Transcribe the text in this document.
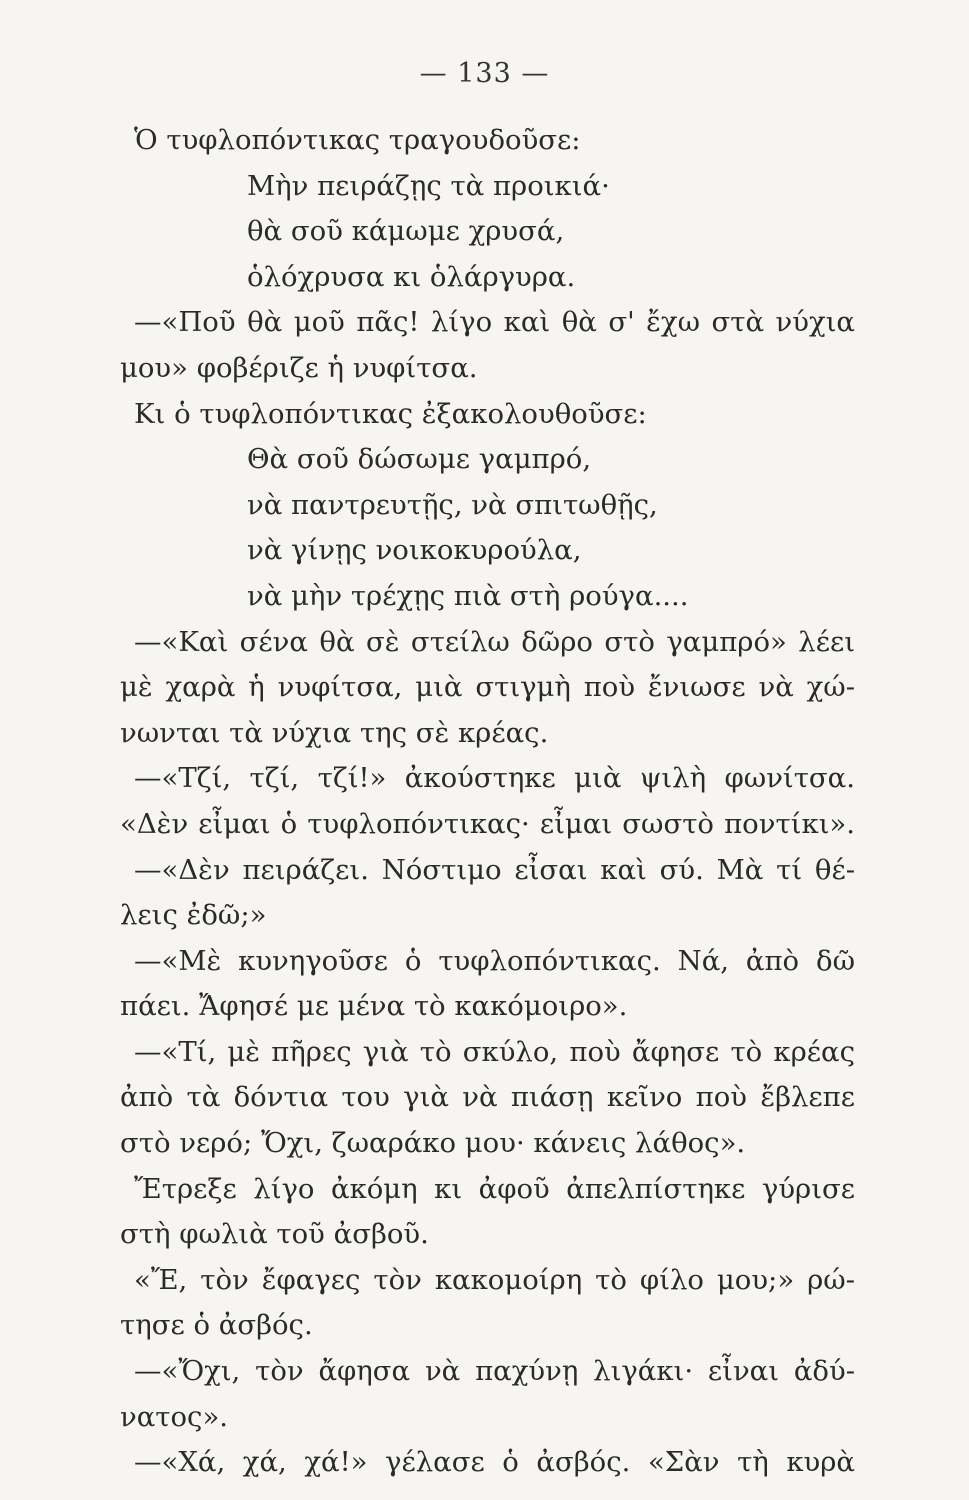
— 133 —
Ὁ τυφλοπόντικας τραγουδοῦσε:
Μὴν πειράζῃς τὰ προικιά·
θὰ σοῦ κάμωμε χρυσά,
ὁλόχρυσα κι ὁλάργυρα.
—«Ποῦ θὰ μοῦ πᾶς! λίγο καὶ θὰ σ' ἔχω στὰ νύχια
μου» φοβέριζε ἡ νυφίτσα.
Κι ὁ τυφλοπόντικας ἐξακολουθοῦσε:
Θὰ σοῦ δώσωμε γαμπρό,
νὰ παντρευτῇς, νὰ σπιτωθῇς,
νὰ γίνῃς νοικοκυρούλα,
νὰ μὴν τρέχῃς πιὰ στὴ ρούγα....
—«Καὶ σένα θὰ σὲ στείλω δῶρο στὸ γαμπρό» λέει
μὲ χαρὰ ἡ νυφίτσα, μιὰ στιγμὴ ποὺ ἔνιωσε νὰ χώ-
νωνται τὰ νύχια της σὲ κρέας.
—«Τζί, τζί, τζί!» ἀκούστηκε μιὰ ψιλὴ φωνίτσα.
«Δὲν εἶμαι ὁ τυφλοπόντικας· εἶμαι σωστὸ ποντίκι».
—«Δὲν πειράζει. Νόστιμο εἶσαι καὶ σύ. Μὰ τί θέ-
λεις ἐδῶ;»
—«Μὲ κυνηγοῦσε ὁ τυφλοπόντικας. Νά, ἀπὸ δῶ
πάει. Ἄφησέ με μένα τὸ κακόμοιρο».
—«Τί, μὲ πῆρες γιὰ τὸ σκύλο, ποὺ ἄφησε τὸ κρέας
ἀπὸ τὰ δόντια του γιὰ νὰ πιάσῃ κεῖνο ποὺ ἔβλεπε
στὸ νερό; Ὄχι, ζωαράκο μου· κάνεις λάθος».
Ἔτρεξε λίγο ἀκόμη κι ἀφοῦ ἀπελπίστηκε γύρισε
στὴ φωλιὰ τοῦ ἀσβοῦ.
«Ἔ, τὸν ἔφαγες τὸν κακομοίρη τὸ φίλο μου;» ρώ-
τησε ὁ ἀσβός.
—«Ὄχι, τὸν ἄφησα νὰ παχύνῃ λιγάκι· εἶναι ἀδύ-
νατος».
—«Χά, χά, χά!» γέλασε ὁ ἀσβός. «Σὰν τὴ κυρὰ
